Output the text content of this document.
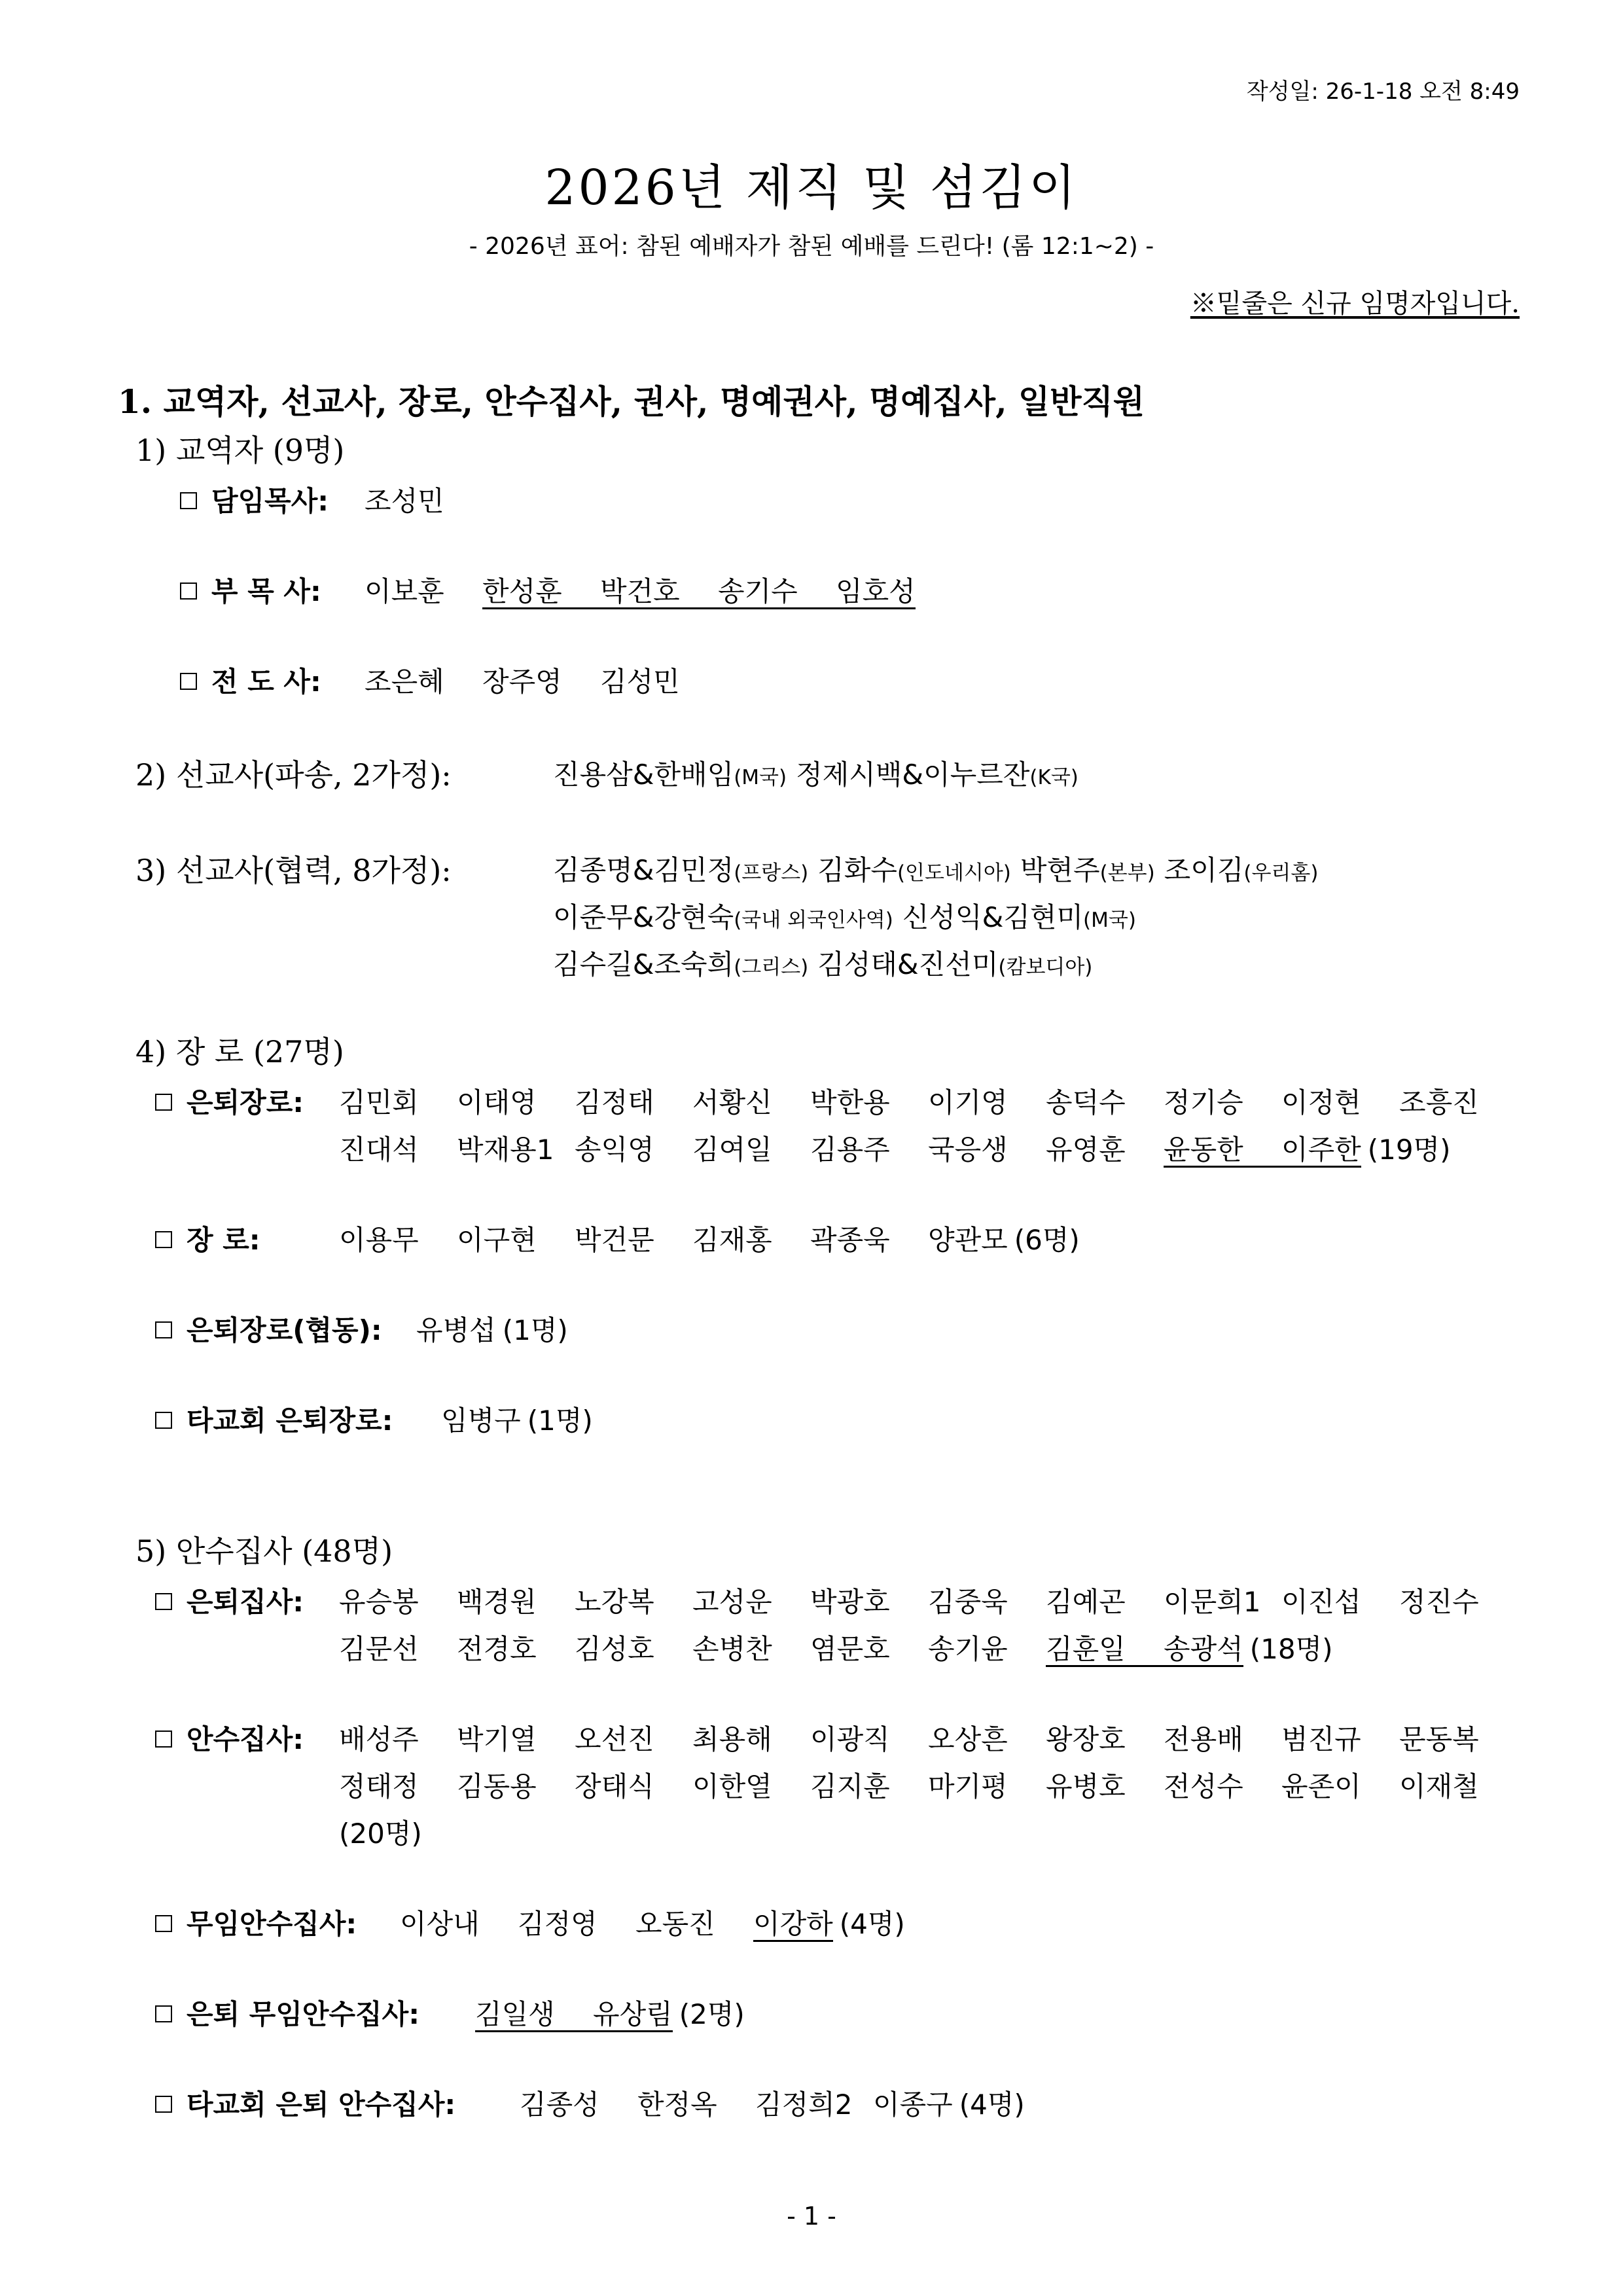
작성일: 26-1-18 오전 8:49
2026년 제직 및 섬김이
- 2026년 표어: 참된 예배자가 참된 예배를 드린다! (롬 12:1~2) -
※밑줄은 신규 임명자입니다.
1. 교역자, 선교사, 장로, 안수집사, 권사, 명예권사, 명예집사, 일반직원
1) 교역자 (9명)
담임목사: 조성민
부 목 사: 이보훈 한성훈 박건호 송기수 임호성
전 도 사: 조은혜 장주영 김성민
2) 선교사(파송, 2가정):	진용삼&한배임(M국) 정제시백&이누르잔(K국)
3) 선교사(협력, 8가정):	김종명&김민정(프랑스) 김화수(인도네시아) 박현주(본부) 조이김(우리홈)
이준무&강현숙(국내 외국인사역) 신성익&김현미(M국)
김수길&조숙희(그리스) 김성태&진선미(캄보디아)
4) 장 로 (27명)
은퇴장로: 김민회 이태영 김정태 서황신 박한용 이기영 송덕수 정기승 이정현 조흥진
진대석 박재용1 송익영 김여일 김용주 국응생 유영훈 윤동한 이주한 (19명)
장 로:	이용무 이구현 박건문 김재홍 곽종욱 양관모 (6명)
은퇴장로(협동): 유병섭 (1명)
타교회 은퇴장로: 임병구 (1명)
5) 안수집사 (48명)
은퇴집사: 유승봉 백경원 노강복 고성운 박광호 김중욱 김예곤 이문희1 이진섭 정진수
김문선 전경호 김성호 손병찬 염문호 송기윤 김훈일 송광석 (18명)
안수집사: 배성주 박기열 오선진 최용해 이광직 오상흔 왕장호 전용배 범진규 문동복
정태정 김동용 장태식 이한열 김지훈 마기평 유병호 전성수 윤존이 이재철
(20명)
무임안수집사: 이상내 김정영 오동진 이강하 (4명)
은퇴 무임안수집사: 김일생 유상림 (2명)
타교회 은퇴 안수집사: 김종성 한정옥 김정희2 이종구 (4명)
- 1 -
